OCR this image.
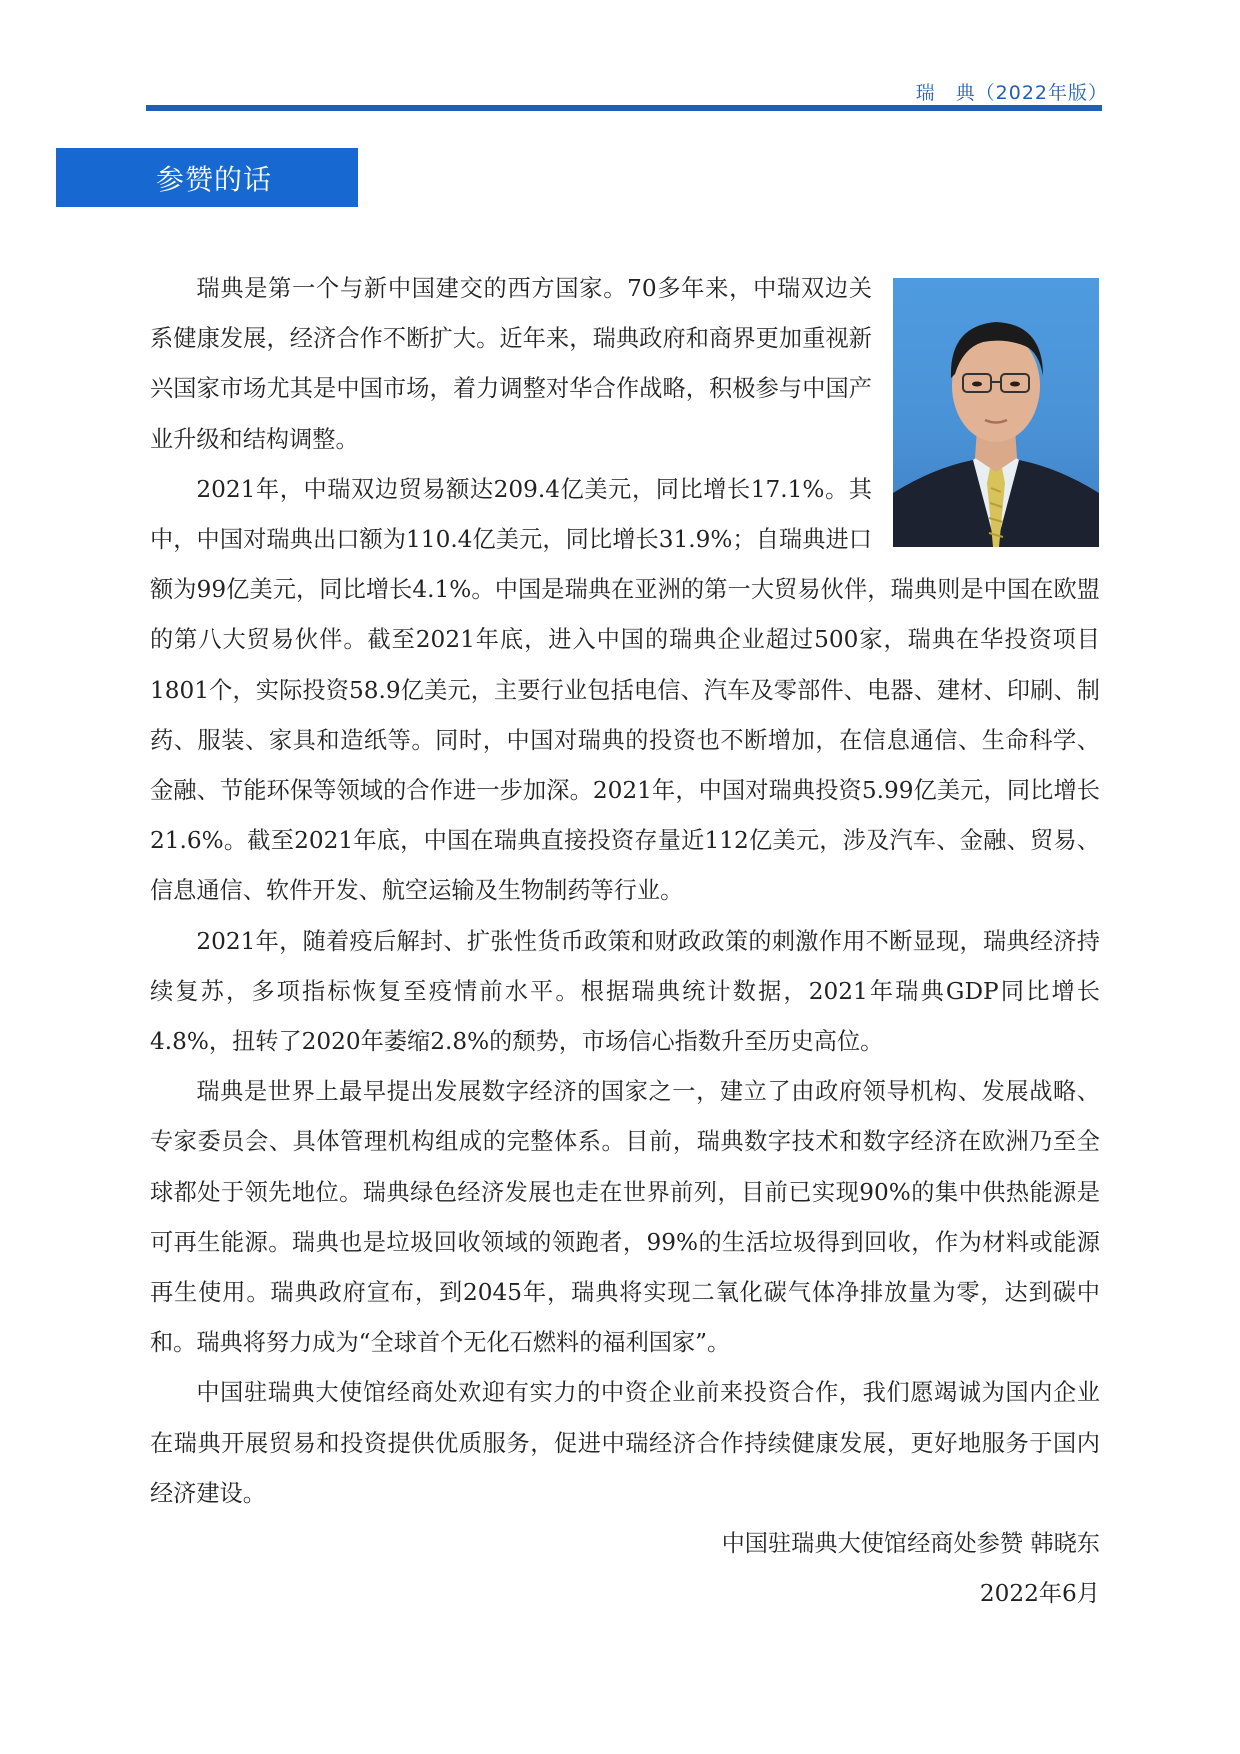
瑞　典（2022年版）
参赞的话

瑞典是第一个与新中国建交的西方国家。70多年来，中瑞双边关系健康发展，经济合作不断扩大。近年来，瑞典政府和商界更加重视新兴国家市场尤其是中国市场，着力调整对华合作战略，积极参与中国产业升级和结构调整。

2021年，中瑞双边贸易额达209.4亿美元，同比增长17.1%。其中，中国对瑞典出口额为110.4亿美元，同比增长31.9%；自瑞典进口额为99亿美元，同比增长4.1%。中国是瑞典在亚洲的第一大贸易伙伴，瑞典则是中国在欧盟的第八大贸易伙伴。截至2021年底，进入中国的瑞典企业超过500家，瑞典在华投资项目1801个，实际投资58.9亿美元，主要行业包括电信、汽车及零部件、电器、建材、印刷、制药、服装、家具和造纸等。同时，中国对瑞典的投资也不断增加，在信息通信、生命科学、金融、节能环保等领域的合作进一步加深。2021年，中国对瑞典投资5.99亿美元，同比增长21.6%。截至2021年底，中国在瑞典直接投资存量近112亿美元，涉及汽车、金融、贸易、信息通信、软件开发、航空运输及生物制药等行业。

2021年，随着疫后解封、扩张性货币政策和财政政策的刺激作用不断显现，瑞典经济持续复苏，多项指标恢复至疫情前水平。根据瑞典统计数据，2021年瑞典GDP同比增长4.8%，扭转了2020年萎缩2.8%的颓势，市场信心指数升至历史高位。

瑞典是世界上最早提出发展数字经济的国家之一，建立了由政府领导机构、发展战略、专家委员会、具体管理机构组成的完整体系。目前，瑞典数字技术和数字经济在欧洲乃至全球都处于领先地位。瑞典绿色经济发展也走在世界前列，目前已实现90%的集中供热能源是可再生能源。瑞典也是垃圾回收领域的领跑者，99%的生活垃圾得到回收，作为材料或能源再生使用。瑞典政府宣布，到2045年，瑞典将实现二氧化碳气体净排放量为零，达到碳中和。瑞典将努力成为“全球首个无化石燃料的福利国家”。

中国驻瑞典大使馆经商处欢迎有实力的中资企业前来投资合作，我们愿竭诚为国内企业在瑞典开展贸易和投资提供优质服务，促进中瑞经济合作持续健康发展，更好地服务于国内经济建设。

中国驻瑞典大使馆经商处参赞 韩晓东
2022年6月
